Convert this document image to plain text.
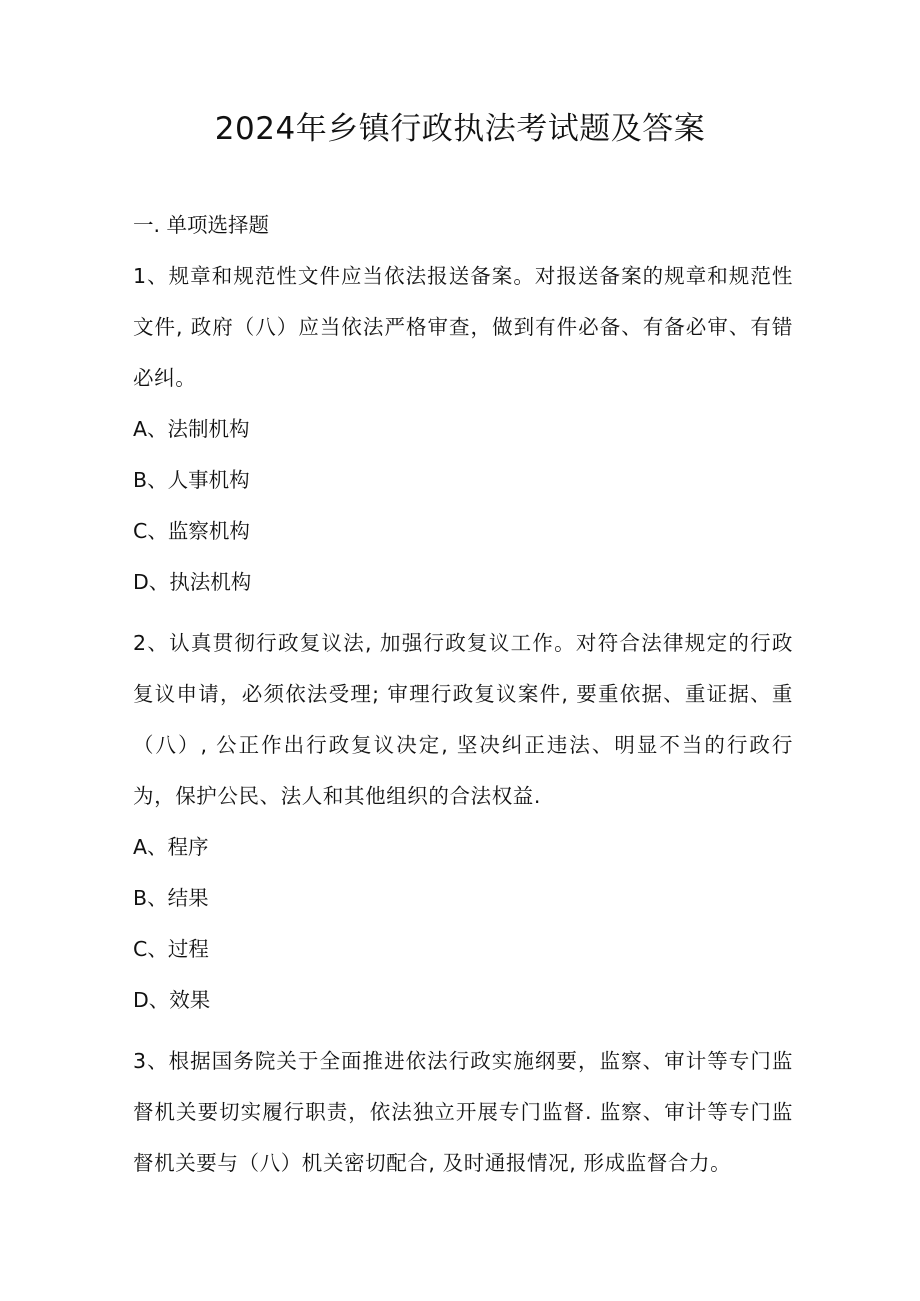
2024年乡镇行政执法考试题及答案

一. 单项选择题

1、规章和规范性文件应当依法报送备案。对报送备案的规章和规范性文件, 政府（八）应当依法严格审查，做到有件必备、有备必审、有错必纠。

A、法制机构

B、人事机构

C、监察机构

D、执法机构

2、认真贯彻行政复议法, 加强行政复议工作。对符合法律规定的行政复议申请，必须依法受理; 审理行政复议案件, 要重依据、重证据、重（八）, 公正作出行政复议决定, 坚决纠正违法、明显不当的行政行为，保护公民、法人和其他组织的合法权益.

A、程序

B、结果

C、过程

D、效果

3、根据国务院关于全面推进依法行政实施纲要，监察、审计等专门监督机关要切实履行职责，依法独立开展专门监督. 监察、审计等专门监督机关要与（八）机关密切配合, 及时通报情况, 形成监督合力。
